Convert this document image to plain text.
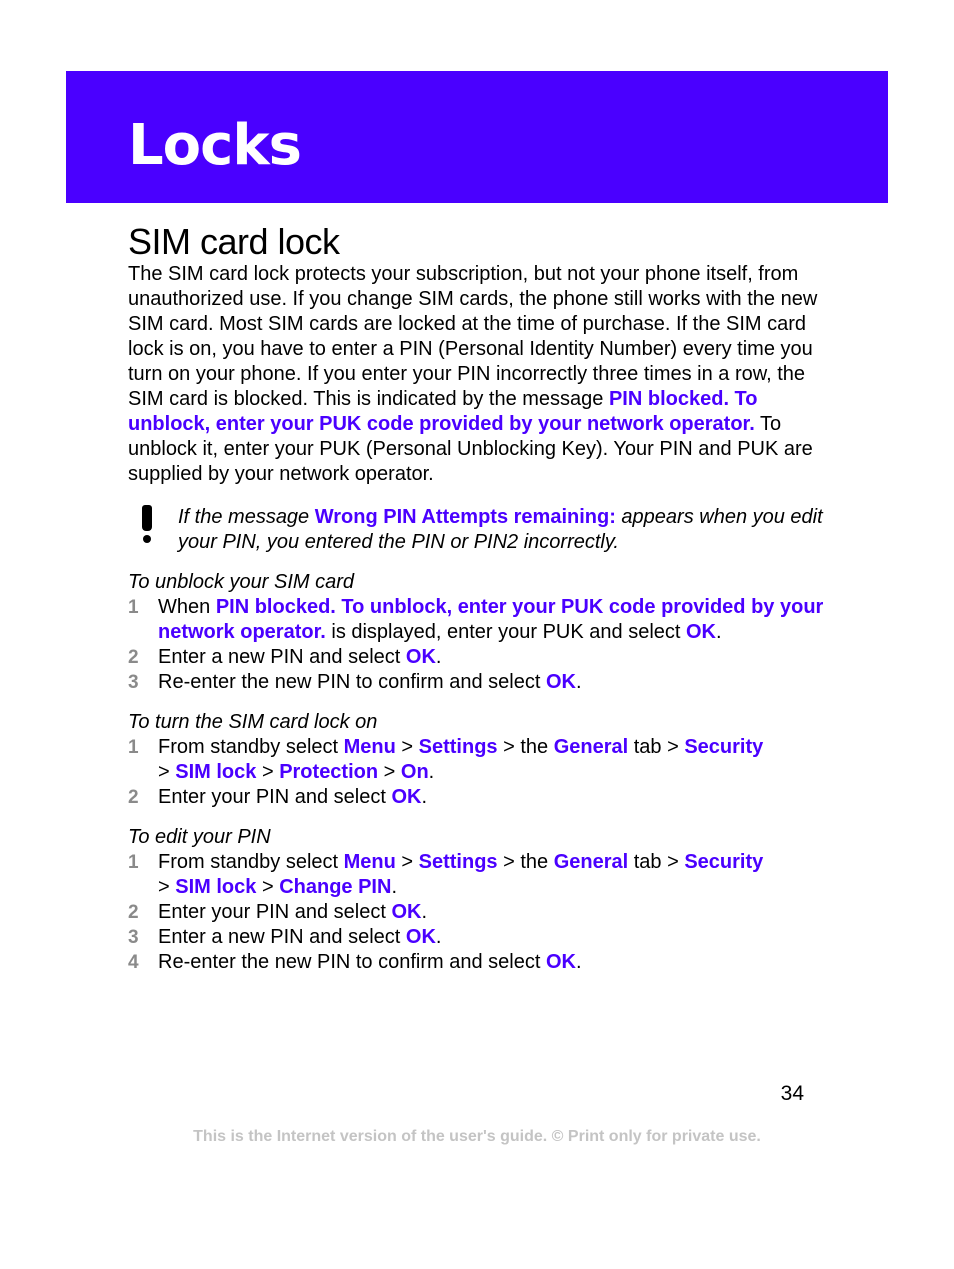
Locks
SIM card lock

The SIM card lock protects your subscription, but not your phone itself, from unauthorized use. If you change SIM cards, the phone still works with the new SIM card. Most SIM cards are locked at the time of purchase. If the SIM card lock is on, you have to enter a PIN (Personal Identity Number) every time you turn on your phone. If you enter your PIN incorrectly three times in a row, the SIM card is blocked. This is indicated by the message PIN blocked. To unblock, enter your PUK code provided by your network operator. To unblock it, enter your PUK (Personal Unblocking Key). Your PIN and PUK are supplied by your network operator.

If the message Wrong PIN Attempts remaining: appears when you edit your PIN, you entered the PIN or PIN2 incorrectly.

To unblock your SIM card

1 When PIN blocked. To unblock, enter your PUK code provided by your network operator. is displayed, enter your PUK and select OK.
2 Enter a new PIN and select OK.
3 Re-enter the new PIN to confirm and select OK.

To turn the SIM card lock on

1 From standby select Menu > Settings > the General tab > Security
> SIM lock > Protection > On.
2 Enter your PIN and select OK.

To edit your PIN

1 From standby select Menu > Settings > the General tab > Security
> SIM lock > Change PIN.
2 Enter your PIN and select OK.
3 Enter a new PIN and select OK.
4 Re-enter the new PIN to confirm and select OK.
34
This is the Internet version of the user's guide. © Print only for private use.
